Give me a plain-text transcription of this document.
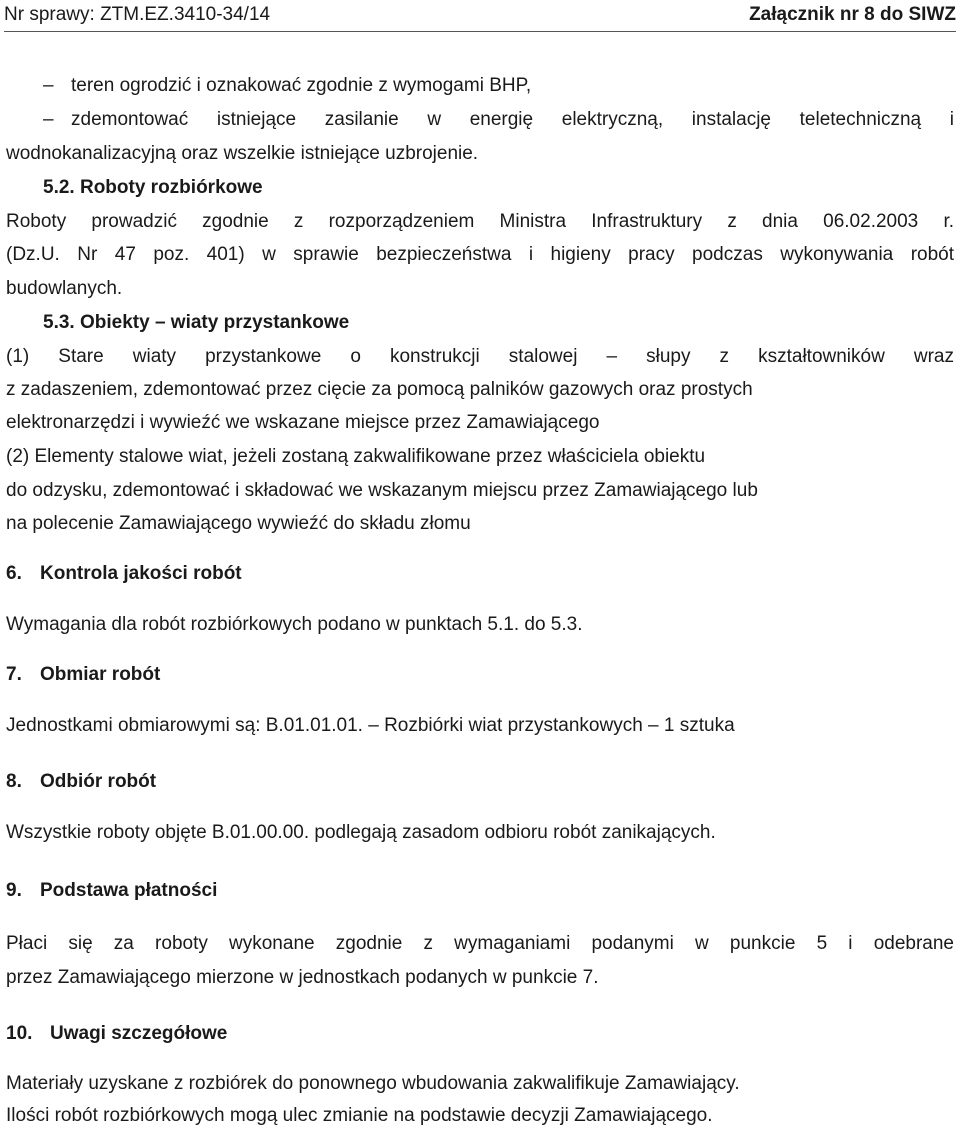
Nr sprawy: ZTM.EZ.3410-34/14	Załącznik nr 8 do SIWZ
– teren ogrodzić i oznakować zgodnie z wymogami BHP,
– zdemontować istniejące zasilanie w energię elektryczną, instalację teletechniczną i
wodnokanalizacyjną oraz wszelkie istniejące uzbrojenie.
5.2. Roboty rozbiórkowe
Roboty prowadzić zgodnie z rozporządzeniem Ministra Infrastruktury z dnia 06.02.2003 r.
(Dz.U. Nr 47 poz. 401) w sprawie bezpieczeństwa i higieny pracy podczas wykonywania robót
budowlanych.
5.3. Obiekty – wiaty przystankowe
(1) Stare wiaty przystankowe o konstrukcji stalowej – słupy z kształtowników wraz
z zadaszeniem, zdemontować przez cięcie za pomocą palników gazowych oraz prostych
elektronarzędzi i wywieźć we wskazane miejsce przez Zamawiającego
(2) Elementy stalowe wiat, jeżeli zostaną zakwalifikowane przez właściciela obiektu
do odzysku, zdemontować i składować we wskazanym miejscu przez Zamawiającego lub
na polecenie Zamawiającego wywieźć do składu złomu
6. Kontrola jakości robót
Wymagania dla robót rozbiórkowych podano w punktach 5.1. do 5.3.
7. Obmiar robót
Jednostkami obmiarowymi są: B.01.01.01. – Rozbiórki wiat przystankowych – 1 sztuka
8. Odbiór robót
Wszystkie roboty objęte B.01.00.00. podlegają zasadom odbioru robót zanikających.
9. Podstawa płatności
Płaci się za roboty wykonane zgodnie z wymaganiami podanymi w punkcie 5 i odebrane
przez Zamawiającego mierzone w jednostkach podanych w punkcie 7.
10. Uwagi szczegółowe
Materiały uzyskane z rozbiórek do ponownego wbudowania zakwalifikuje Zamawiający.
Ilości robót rozbiórkowych mogą ulec zmianie na podstawie decyzji Zamawiającego.
